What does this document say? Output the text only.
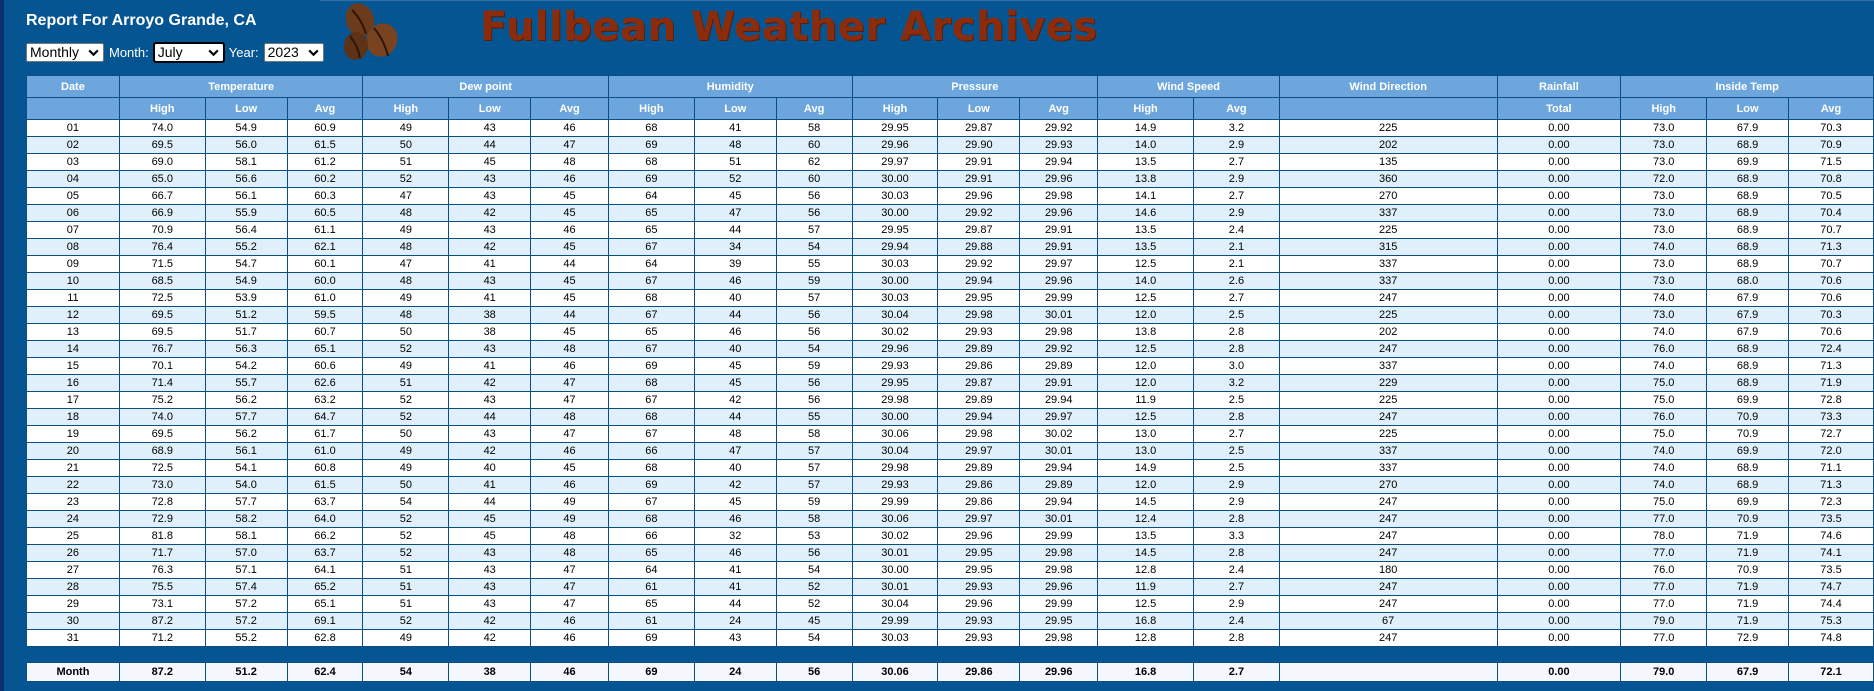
Report For Arroyo Grande, CA
Monthly Month: July	Year: 2023
Fullbean Weather Archives
Date	Temperature			Dew point			Humidity			Pressure			Wind Speed		Wind Direction	Rainfall	Inside Temp		
	High	Low	Avg	High	Low	Avg	High	Low	Avg	High	Low	Avg	High	Avg		Total	High	Low	Avg
01	74.0	54.9	60.9	49	43	46	68	41	58	29.95	29.87	29.92	14.9	3.2	225	0.00	73.0	67.9	70.3
02	69.5	56.0	61.5	50	44	47	69	48	60	29.96	29.90	29.93	14.0	2.9	202	0.00	73.0	68.9	70.9
03	69.0	58.1	61.2	51	45	48	68	51	62	29.97	29.91	29.94	13.5	2.7	135	0.00	73.0	69.9	71.5
04	65.0	56.6	60.2	52	43	46	69	52	60	30.00	29.91	29.96	13.8	2.9	360	0.00	72.0	68.9	70.8
05	66.7	56.1	60.3	47	43	45	64	45	56	30.03	29.96	29.98	14.1	2.7	270	0.00	73.0	68.9	70.5
06	66.9	55.9	60.5	48	42	45	65	47	56	30.00	29.92	29.96	14.6	2.9	337	0.00	73.0	68.9	70.4
07	70.9	56.4	61.1	49	43	46	65	44	57	29.95	29.87	29.91	13.5	2.4	225	0.00	73.0	68.9	70.7
08	76.4	55.2	62.1	48	42	45	67	34	54	29.94	29.88	29.91	13.5	2.1	315	0.00	74.0	68.9	71.3
09	71.5	54.7	60.1	47	41	44	64	39	55	30.03	29.92	29.97	12.5	2.1	337	0.00	73.0	68.9	70.7
10	68.5	54.9	60.0	48	43	45	67	46	59	30.00	29.94	29.96	14.0	2.6	337	0.00	73.0	68.0	70.6
11	72.5	53.9	61.0	49	41	45	68	40	57	30.03	29.95	29.99	12.5	2.7	247	0.00	74.0	67.9	70.6
12	69.5	51.2	59.5	48	38	44	67	44	56	30.04	29.98	30.01	12.0	2.5	225	0.00	73.0	67.9	70.3
13	69.5	51.7	60.7	50	38	45	65	46	56	30.02	29.93	29.98	13.8	2.8	202	0.00	74.0	67.9	70.6
14	76.7	56.3	65.1	52	43	48	67	40	54	29.96	29.89	29.92	12.5	2.8	247	0.00	76.0	68.9	72.4
15	70.1	54.2	60.6	49	41	46	69	45	59	29.93	29.86	29.89	12.0	3.0	337	0.00	74.0	68.9	71.3
16	71.4	55.7	62.6	51	42	47	68	45	56	29.95	29.87	29.91	12.0	3.2	229	0.00	75.0	68.9	71.9
17	75.2	56.2	63.2	52	43	47	67	42	56	29.98	29.89	29.94	11.9	2.5	225	0.00	75.0	69.9	72.8
18	74.0	57.7	64.7	52	44	48	68	44	55	30.00	29.94	29.97	12.5	2.8	247	0.00	76.0	70.9	73.3
19	69.5	56.2	61.7	50	43	47	67	48	58	30.06	29.98	30.02	13.0	2.7	225	0.00	75.0	70.9	72.7
20	68.9	56.1	61.0	49	42	46	66	47	57	30.04	29.97	30.01	13.0	2.5	337	0.00	74.0	69.9	72.0
21	72.5	54.1	60.8	49	40	45	68	40	57	29.98	29.89	29.94	14.9	2.5	337	0.00	74.0	68.9	71.1
22	73.0	54.0	61.5	50	41	46	69	42	57	29.93	29.86	29.89	12.0	2.9	270	0.00	74.0	68.9	71.3
23	72.8	57.7	63.7	54	44	49	67	45	59	29.99	29.86	29.94	14.5	2.9	247	0.00	75.0	69.9	72.3
24	72.9	58.2	64.0	52	45	49	68	46	58	30.06	29.97	30.01	12.4	2.8	247	0.00	77.0	70.9	73.5
25	81.8	58.1	66.2	52	45	48	66	32	53	30.02	29.96	29.99	13.5	3.3	247	0.00	78.0	71.9	74.6
26	71.7	57.0	63.7	52	43	48	65	46	56	30.01	29.95	29.98	14.5	2.8	247	0.00	77.0	71.9	74.1
27	76.3	57.1	64.1	51	43	47	64	41	54	30.00	29.95	29.98	12.8	2.4	180	0.00	76.0	70.9	73.5
28	75.5	57.4	65.2	51	43	47	61	41	52	30.01	29.93	29.96	11.9	2.7	247	0.00	77.0	71.9	74.7
29	73.1	57.2	65.1	51	43	47	65	44	52	30.04	29.96	29.99	12.5	2.9	247	0.00	77.0	71.9	74.4
30	87.2	57.2	69.1	52	42	46	61	24	45	29.99	29.93	29.95	16.8	2.4	67	0.00	79.0	71.9	75.3
31	71.2	55.2	62.8	49	42	46	69	43	54	30.03	29.93	29.98	12.8	2.8	247	0.00	77.0	72.9	74.8

Month	87.2	51.2	62.4	54	38	46	69	24	56	30.06	29.86	29.96	16.8	2.7		0.00	79.0	67.9	72.1
